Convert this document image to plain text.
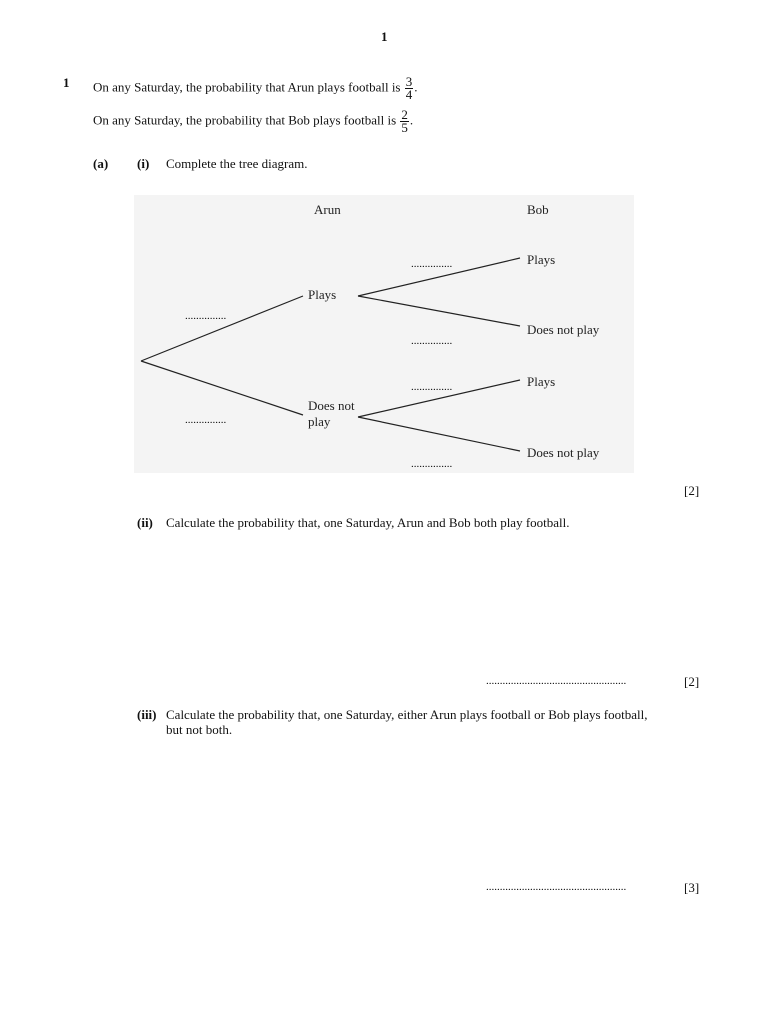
1
1 On any Saturday, the probability that Arun plays football is $\frac{3}{4}$ .
On any Saturday, the probability that Bob plays football is $\frac{2}{5}$ .
(a) (i) Complete the tree diagram.
Arun	Bob
Plays
Does not
play
Plays
Does not play
Plays
Does not play
...............
...............
...............
...............
...............
...............
[2]
(ii) Calculate the probability that, one Saturday, Arun and Bob both play football.
...................................................	[2]
(iii) Calculate the probability that, one Saturday, either Arun plays football or Bob plays football,
but not both.
...................................................	[3]
